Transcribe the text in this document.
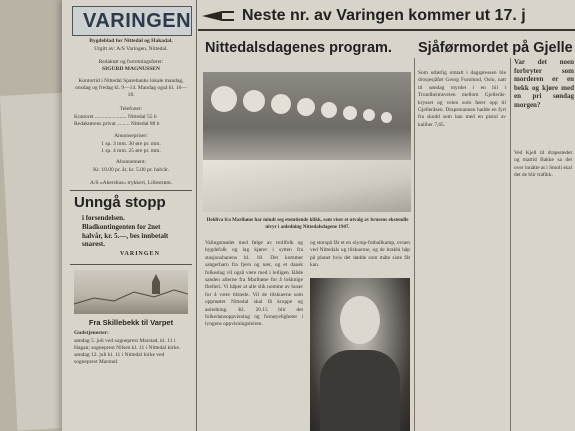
VARINGEN
Bygdeblad for Nittedal og Hakadal.
Utgitt av: A/S Varingen, Nittedal.
Redaktør og forretningsfører:
SIGURD MAGNUSSEN
Kontortid i Nittedal Sparebanks lokale mandag, onsdag og fredag kl. 9—14. Mandag også kl. 16—18.
Telefoner:
Kontoret ....................... Nittedal 55 b
Redaktørens privat ......... Nittedal 88 b
Annonsepriser:
1 sp. 3 mm. 30 øre pr. mm.
1 sp. 4 mm. 25 øre pr. mm.
Abonnement:
Kr. 10.00 pr. år, kr. 5.00 pr. halvår.
A/S «Akershus» trykkeri, Lillestrøm.
Unngå stopp
i forsendelsen.
Bladkontingenten for 2net halvår, kr. 5.—, bes innbetalt snarest.
VARINGEN
Fra Skillebekk til Varpet
Gudstjenester:
søndag 5. juli ved sogneprest Marstad, kl. 11 i Hagan; sogneprest Nilsen kl. 11 i Nittedal kirke. søndag 12. juli kl. 11 i Nittedal kirke ved sogneprest Marstad.
Neste nr. av Varingen kommer ut 17. j
Nittedalsdagenes program. Sjåførmordet på Gjelle
Heldiva fra Marihøne har mindt seg etemtiende klikk, som viser et utvalg av brusens ekstendle nivyr i anledning Nittedalsdagene 1947.
Valingsmødet med følge av trollfolk og bygdefolk og lag kjører i sytten fra stasjonsbanens kl. 18. Det kommer sangerbarn fra fjern og nær, og et dansk folkeslag vil også være med i leiligen. Både sanden allerne fra Marihøne for å lokknige fhelleri. Vi håper at alle slik nomme av huser for å være tilstede. Vil de tilskuerne som oppmøter Nittedal skal få kroppe og anledning. Kl. 20.15 blir det folkedansoppvisning og fornøyeligheter i lyngens oppvisningsleiren.
og storspå får et en olymp-fotballkamp, ovnen ved Nittedals og tilskuerne, og de brakhi håp på planet hvis det dødde som måte siste fåt kan.
Som utførlig omtalt i dagspressen ble drosjesjåfør Georg Furulund, Oslo, natt til søndag myrdet i en bil i Trondheimsveien mellom Gjellerås-krysset og veien som fører opp til Gjelleråsen. Drapsmannen hadde en fyrt fra skudd som han med en pistol av kaliber 7,65.
Var det noen forbryter som morderen er en bekk og kjøre med en pri søndag morgen?
Ved Kjell til drapsstedet og mattid Bakke sa det over innåtte at i Smoli skal det de blir trafikk.
